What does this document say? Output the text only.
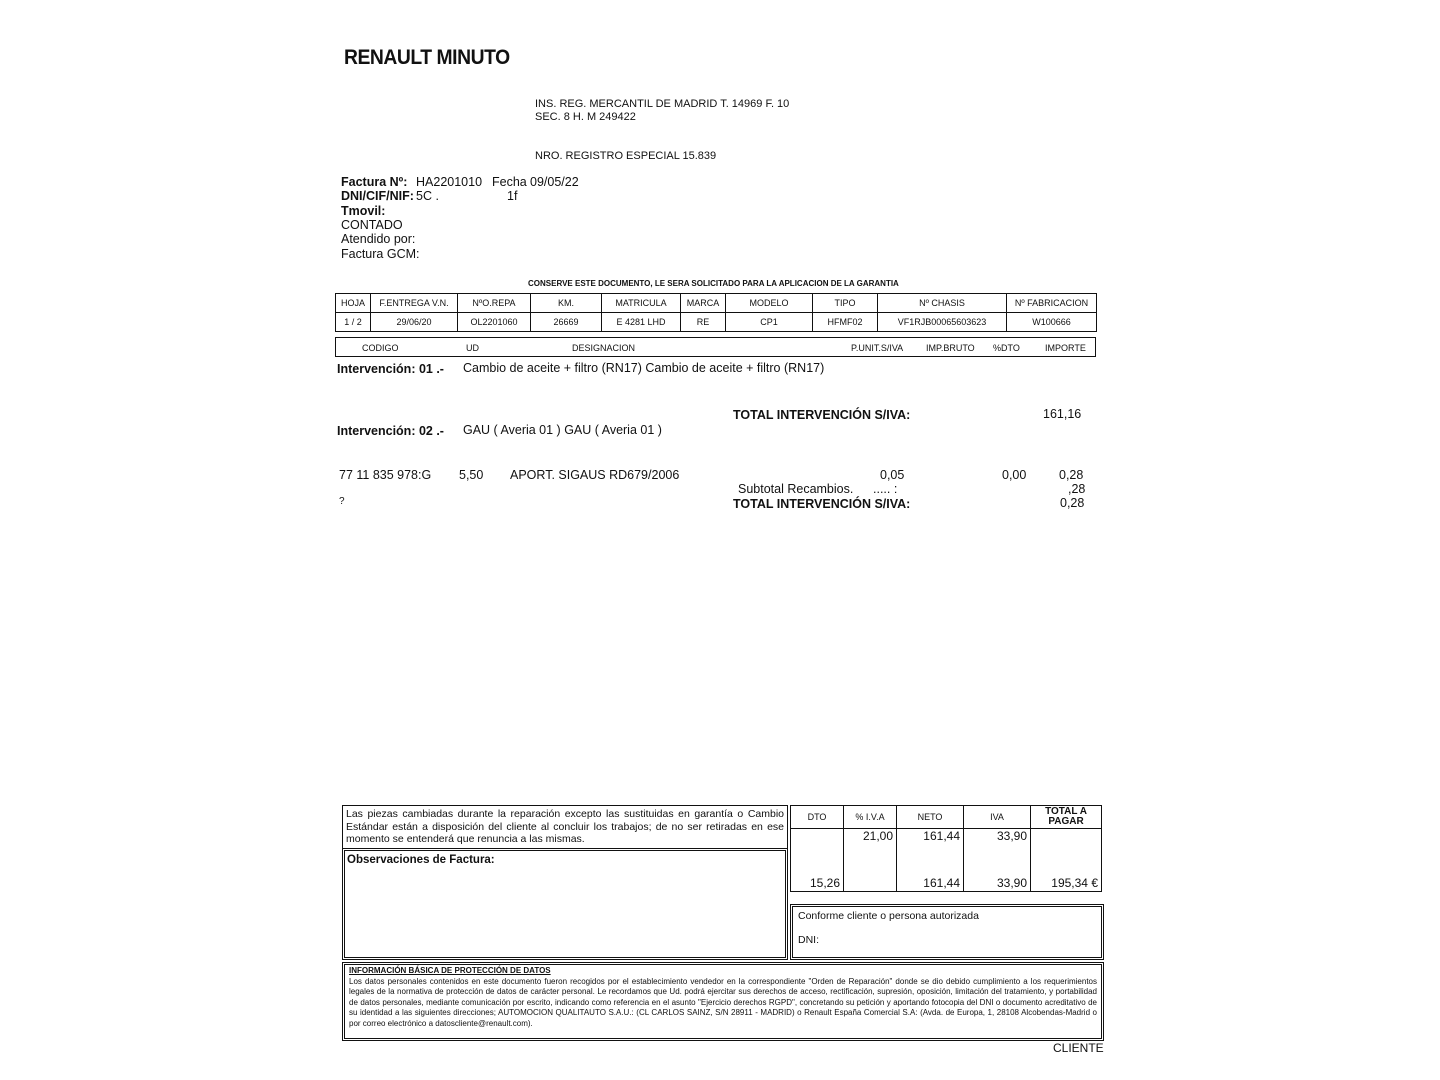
RENAULT MINUTO
INS. REG. MERCANTIL DE MADRID T. 14969 F. 10
SEC. 8 H. M 249422
NRO. REGISTRO ESPECIAL 15.839
Factura Nº: HA2201010 Fecha 09/05/22
DNI/CIF/NIF: 5C .	1f
Tmovil:
CONTADO
Atendido por:
Factura GCM:
CONSERVE ESTE DOCUMENTO, LE SERA SOLICITADO PARA LA APLICACION DE LA GARANTIA
HOJA	F.ENTREGA V.N.	NºO.REPA	KM.	MATRICULA	MARCA	MODELO	TIPO	Nº CHASIS	Nº FABRICACION
1 / 2	29/06/20	OL2201060	26669	E 4281 LHD	RE	CP1	HFMF02	VF1RJB00065603623	W100666
CODIGO	UD	DESIGNACION	P.UNIT.S/IVA	IMP.BRUTO %DTO	IMPORTE
Intervención: 01 .- Cambio de aceite + filtro (RN17) Cambio de aceite + filtro (RN17)
TOTAL INTERVENCIÓN S/IVA:	161,16
Intervención: 02 .- GAU ( Averia 01 ) GAU ( Averia 01 )
77 11 835 978:G 5,50 APORT. SIGAUS RD679/2006	0,05	0,00	0,28
Subtotal Recambios. ..... :	,28
?	TOTAL INTERVENCIÓN S/IVA:	0,28
Las piezas cambiadas durante la reparación excepto las sustituidas en garantía o Cambio Estándar están a disposición del cliente al concluir los trabajos; de no ser retiradas en ese momento se entenderá que renuncia a las mismas.
Observaciones de Factura:
DTO	% I.V.A	NETO	IVA	TOTAL A PAGAR
	21,00	161,44	33,90	
15,26		161,44	33,90	195,34 €
Conforme cliente o persona autorizada
DNI:
INFORMACIÓN BÁSICA DE PROTECCIÓN DE DATOS
Los datos personales contenidos en este documento fueron recogidos por el establecimiento vendedor en la correspondiente "Orden de Reparación" donde se dio debido cumplimiento a los requerimientos legales de la normativa de protección de datos de carácter personal. Le recordamos que Ud. podrá ejercitar sus derechos de acceso, rectificación, supresión, oposición, limitación del tratamiento, y portabilidad de datos personales, mediante comunicación por escrito, indicando como referencia en el asunto "Ejercicio derechos RGPD", concretando su petición y aportando fotocopia del DNI o documento acreditativo de su identidad a las siguientes direcciones; AUTOMOCION QUALITAUTO S.A.U.: (CL CARLOS SAINZ, S/N 28911 - MADRID) o Renault España Comercial S.A: (Avda. de Europa, 1, 28108 Alcobendas-Madrid o por correo electrónico a datoscliente@renault.com).
CLIENTE
